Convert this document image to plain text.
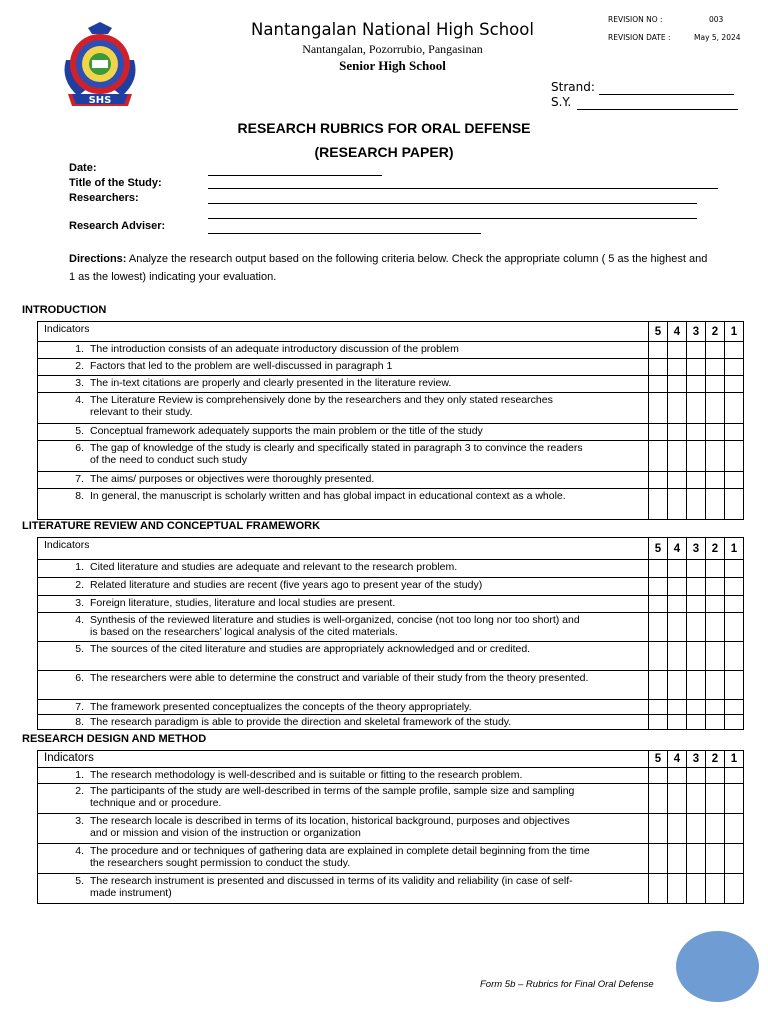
SHS
Nantangalan National High School
Nantangalan, Pozorrubio, Pangasinan
Senior High School
REVISION NO :	003
REVISION DATE :	May 5, 2024
Strand:
S.Y.
RESEARCH RUBRICS FOR ORAL DEFENSE
(RESEARCH PAPER)
Date:
Title of the Study:
Researchers:
Research Adviser:
Directions: Analyze the research output based on the following criteria below. Check the appropriate column ( 5 as the highest and 1 as the lowest) indicating your evaluation.
INTRODUCTION
Indicators	5	4	3	2	1
1. The introduction consists of an adequate introductory discussion of the problem					
2. Factors that led to the problem are well-discussed in paragraph 1					
3. The in-text citations are properly and clearly presented in the literature review.					
4. The Literature Review is comprehensively done by the researchers and they only stated researches relevant to their study.					
5. Conceptual framework adequately supports the main problem or the title of the study					
6. The gap of knowledge of the study is clearly and specifically stated in paragraph 3 to convince the readers of the need to conduct such study					
7. The aims/ purposes or objectives were thoroughly presented.					
8. In general, the manuscript is scholarly written and has global impact in educational context as a whole.					
LITERATURE REVIEW AND CONCEPTUAL FRAMEWORK
Indicators	5	4	3	2	1
1. Cited literature and studies are adequate and relevant to the research problem.					
2. Related literature and studies are recent (five years ago to present year of the study)					
3. Foreign literature, studies, literature and local studies are present.					
4. Synthesis of the reviewed literature and studies is well-organized, concise (not too long nor too short) and is based on the researchers’ logical analysis of the cited materials.					
5. The sources of the cited literature and studies are appropriately acknowledged and or credited.					
6. The researchers were able to determine the construct and variable of their study from the theory presented.					
7. The framework presented conceptualizes the concepts of the theory appropriately.					
8. The research paradigm is able to provide the direction and skeletal framework of the study.					
RESEARCH DESIGN AND METHOD
Indicators	5	4	3	2	1
1. The research methodology is well-described and is suitable or fitting to the research problem.					
2. The participants of the study are well-described in terms of the sample profile, sample size and sampling technique and or procedure.					
3. The research locale is described in terms of its location, historical background, purposes and objectives and or mission and vision of the instruction or organization					
4. The procedure and or techniques of gathering data are explained in complete detail beginning from the time the researchers sought permission to conduct the study.					
5. The research instrument is presented and discussed in terms of its validity and reliability (in case of self-made instrument)					
Form 5b – Rubrics for Final Oral Defense
